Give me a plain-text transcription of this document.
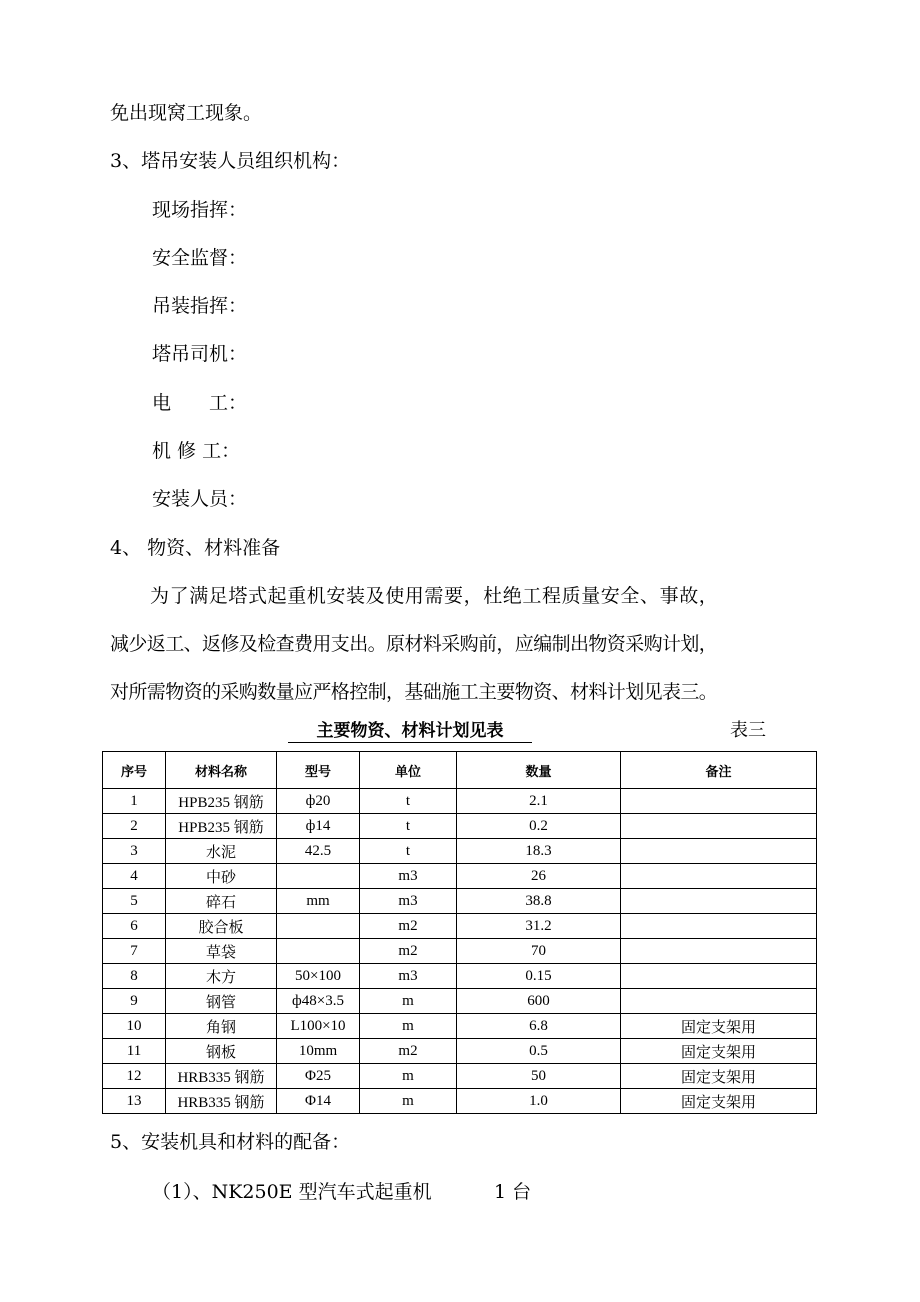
免出现窝工现象。
3、塔吊安装人员组织机构：
现场指挥：
安全监督：
吊装指挥：
塔吊司机：
电　　工：
机 修 工：
安装人员：
4、 物资、材料准备
为了满足塔式起重机安装及使用需要，杜绝工程质量安全、事故，
减少返工、返修及检查费用支出。原材料采购前，应编制出物资采购计划，
对所需物资的采购数量应严格控制，基础施工主要物资、材料计划见表三。
主要物资、材料计划见表	表三
序号	材料名称	型号	单位	数量	备注
1	HPB235 钢筋	ф20	t	2.1	
2	HPB235 钢筋	ф14	t	0.2	
3	水泥	42.5	t	18.3	
4	中砂		m3	26	
5	碎石	mm	m3	38.8	
6	胶合板		m2	31.2	
7	草袋		m2	70	
8	木方	50×100	m3	0.15	
9	钢管	ф48×3.5	m	600	
10	角钢	L100×10	m	6.8	固定支架用
11	钢板	10mm	m2	0.5	固定支架用
12	HRB335 钢筋	Φ25	m	50	固定支架用
13	HRB335 钢筋	Φ14	m	1.0	固定支架用
5、安装机具和材料的配备：
（1）、NK250E 型汽车式起重机	1 台
